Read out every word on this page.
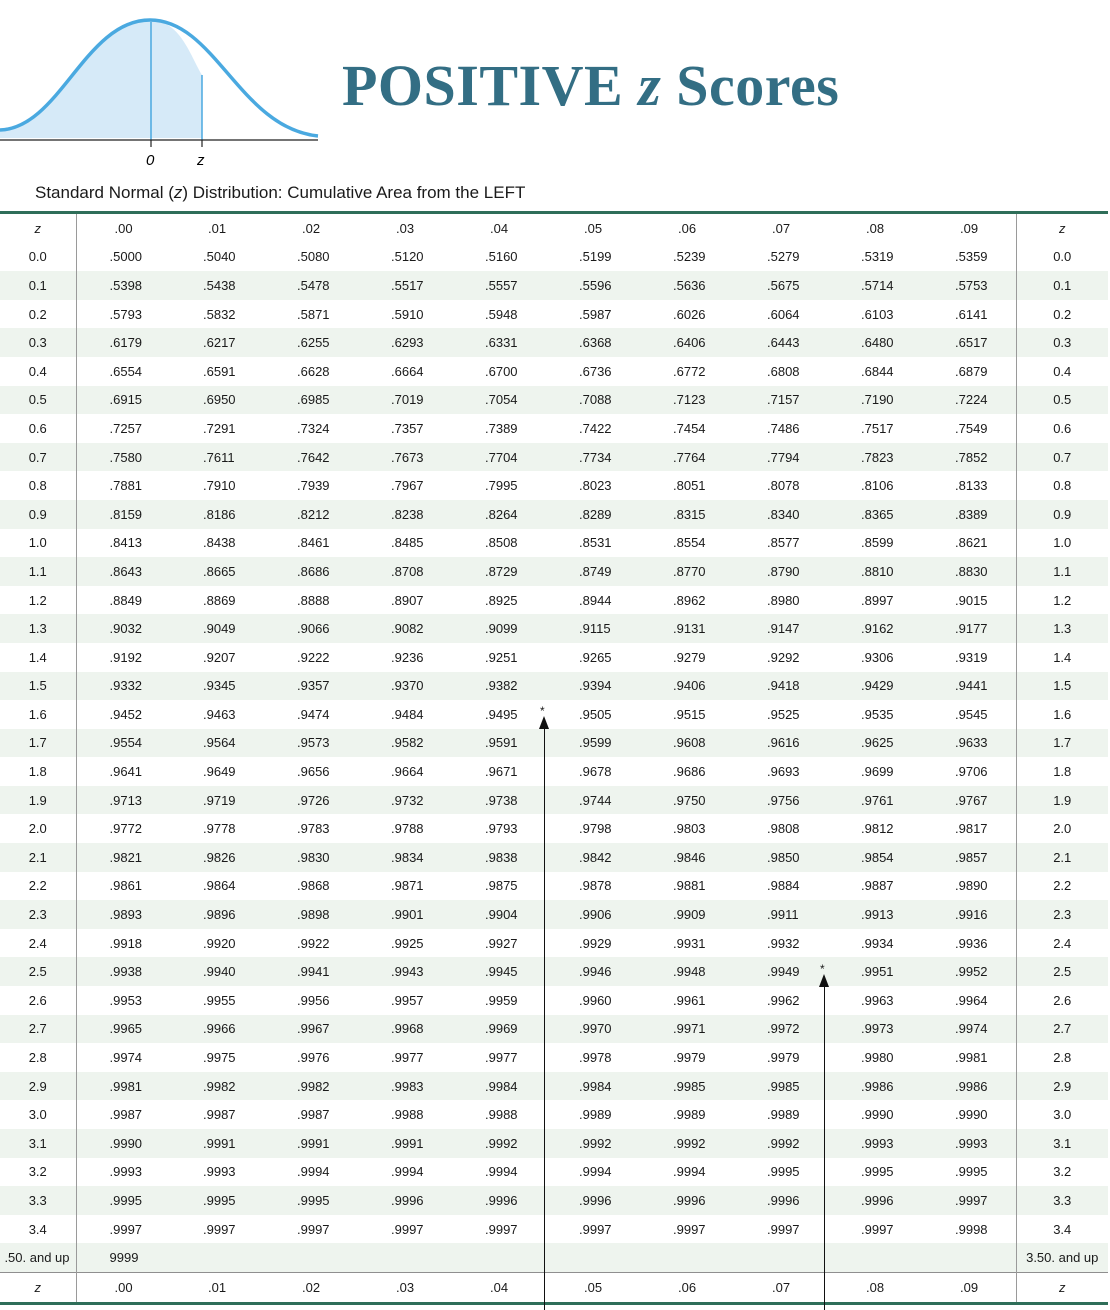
0	z
POSITIVE z Scores
Standard Normal (z) Distribution: Cumulative Area from the LEFT
z	.00	.01	.02	.03	.04	.05	.06	.07	.08	.09	z
0.0	.5000	.5040	.5080	.5120	.5160	.5199	.5239	.5279	.5319	.5359	0.0
0.1	.5398	.5438	.5478	.5517	.5557	.5596	.5636	.5675	.5714	.5753	0.1
0.2	.5793	.5832	.5871	.5910	.5948	.5987	.6026	.6064	.6103	.6141	0.2
0.3	.6179	.6217	.6255	.6293	.6331	.6368	.6406	.6443	.6480	.6517	0.3
0.4	.6554	.6591	.6628	.6664	.6700	.6736	.6772	.6808	.6844	.6879	0.4
0.5	.6915	.6950	.6985	.7019	.7054	.7088	.7123	.7157	.7190	.7224	0.5
0.6	.7257	.7291	.7324	.7357	.7389	.7422	.7454	.7486	.7517	.7549	0.6
0.7	.7580	.7611	.7642	.7673	.7704	.7734	.7764	.7794	.7823	.7852	0.7
0.8	.7881	.7910	.7939	.7967	.7995	.8023	.8051	.8078	.8106	.8133	0.8
0.9	.8159	.8186	.8212	.8238	.8264	.8289	.8315	.8340	.8365	.8389	0.9
1.0	.8413	.8438	.8461	.8485	.8508	.8531	.8554	.8577	.8599	.8621	1.0
1.1	.8643	.8665	.8686	.8708	.8729	.8749	.8770	.8790	.8810	.8830	1.1
1.2	.8849	.8869	.8888	.8907	.8925	.8944	.8962	.8980	.8997	.9015	1.2
1.3	.9032	.9049	.9066	.9082	.9099	.9115	.9131	.9147	.9162	.9177	1.3
1.4	.9192	.9207	.9222	.9236	.9251	.9265	.9279	.9292	.9306	.9319	1.4
1.5	.9332	.9345	.9357	.9370	.9382	.9394	.9406	.9418	.9429	.9441	1.5
1.6	.9452	.9463	.9474	.9484	.9495	.9505	.9515	.9525	.9535	.9545	1.6
1.7	.9554	.9564	.9573	.9582	.9591	.9599	.9608	.9616	.9625	.9633	1.7
1.8	.9641	.9649	.9656	.9664	.9671	.9678	.9686	.9693	.9699	.9706	1.8
1.9	.9713	.9719	.9726	.9732	.9738	.9744	.9750	.9756	.9761	.9767	1.9
2.0	.9772	.9778	.9783	.9788	.9793	.9798	.9803	.9808	.9812	.9817	2.0
2.1	.9821	.9826	.9830	.9834	.9838	.9842	.9846	.9850	.9854	.9857	2.1
2.2	.9861	.9864	.9868	.9871	.9875	.9878	.9881	.9884	.9887	.9890	2.2
2.3	.9893	.9896	.9898	.9901	.9904	.9906	.9909	.9911	.9913	.9916	2.3
2.4	.9918	.9920	.9922	.9925	.9927	.9929	.9931	.9932	.9934	.9936	2.4
2.5	.9938	.9940	.9941	.9943	.9945	.9946	.9948	.9949	.9951	.9952	2.5
2.6	.9953	.9955	.9956	.9957	.9959	.9960	.9961	.9962	.9963	.9964	2.6
2.7	.9965	.9966	.9967	.9968	.9969	.9970	.9971	.9972	.9973	.9974	2.7
2.8	.9974	.9975	.9976	.9977	.9977	.9978	.9979	.9979	.9980	.9981	2.8
2.9	.9981	.9982	.9982	.9983	.9984	.9984	.9985	.9985	.9986	.9986	2.9
3.0	.9987	.9987	.9987	.9988	.9988	.9989	.9989	.9989	.9990	.9990	3.0
3.1	.9990	.9991	.9991	.9991	.9992	.9992	.9992	.9992	.9993	.9993	3.1
3.2	.9993	.9993	.9994	.9994	.9994	.9994	.9994	.9995	.9995	.9995	3.2
3.3	.9995	.9995	.9995	.9996	.9996	.9996	.9996	.9996	.9996	.9997	3.3
3.4	.9997	.9997	.9997	.9997	.9997	.9997	.9997	.9997	.9997	.9998	3.4
.50. and up	9999										3.50. and up
z	.00	.01	.02	.03	.04	.05	.06	.07	.08	.09	z
*
*
